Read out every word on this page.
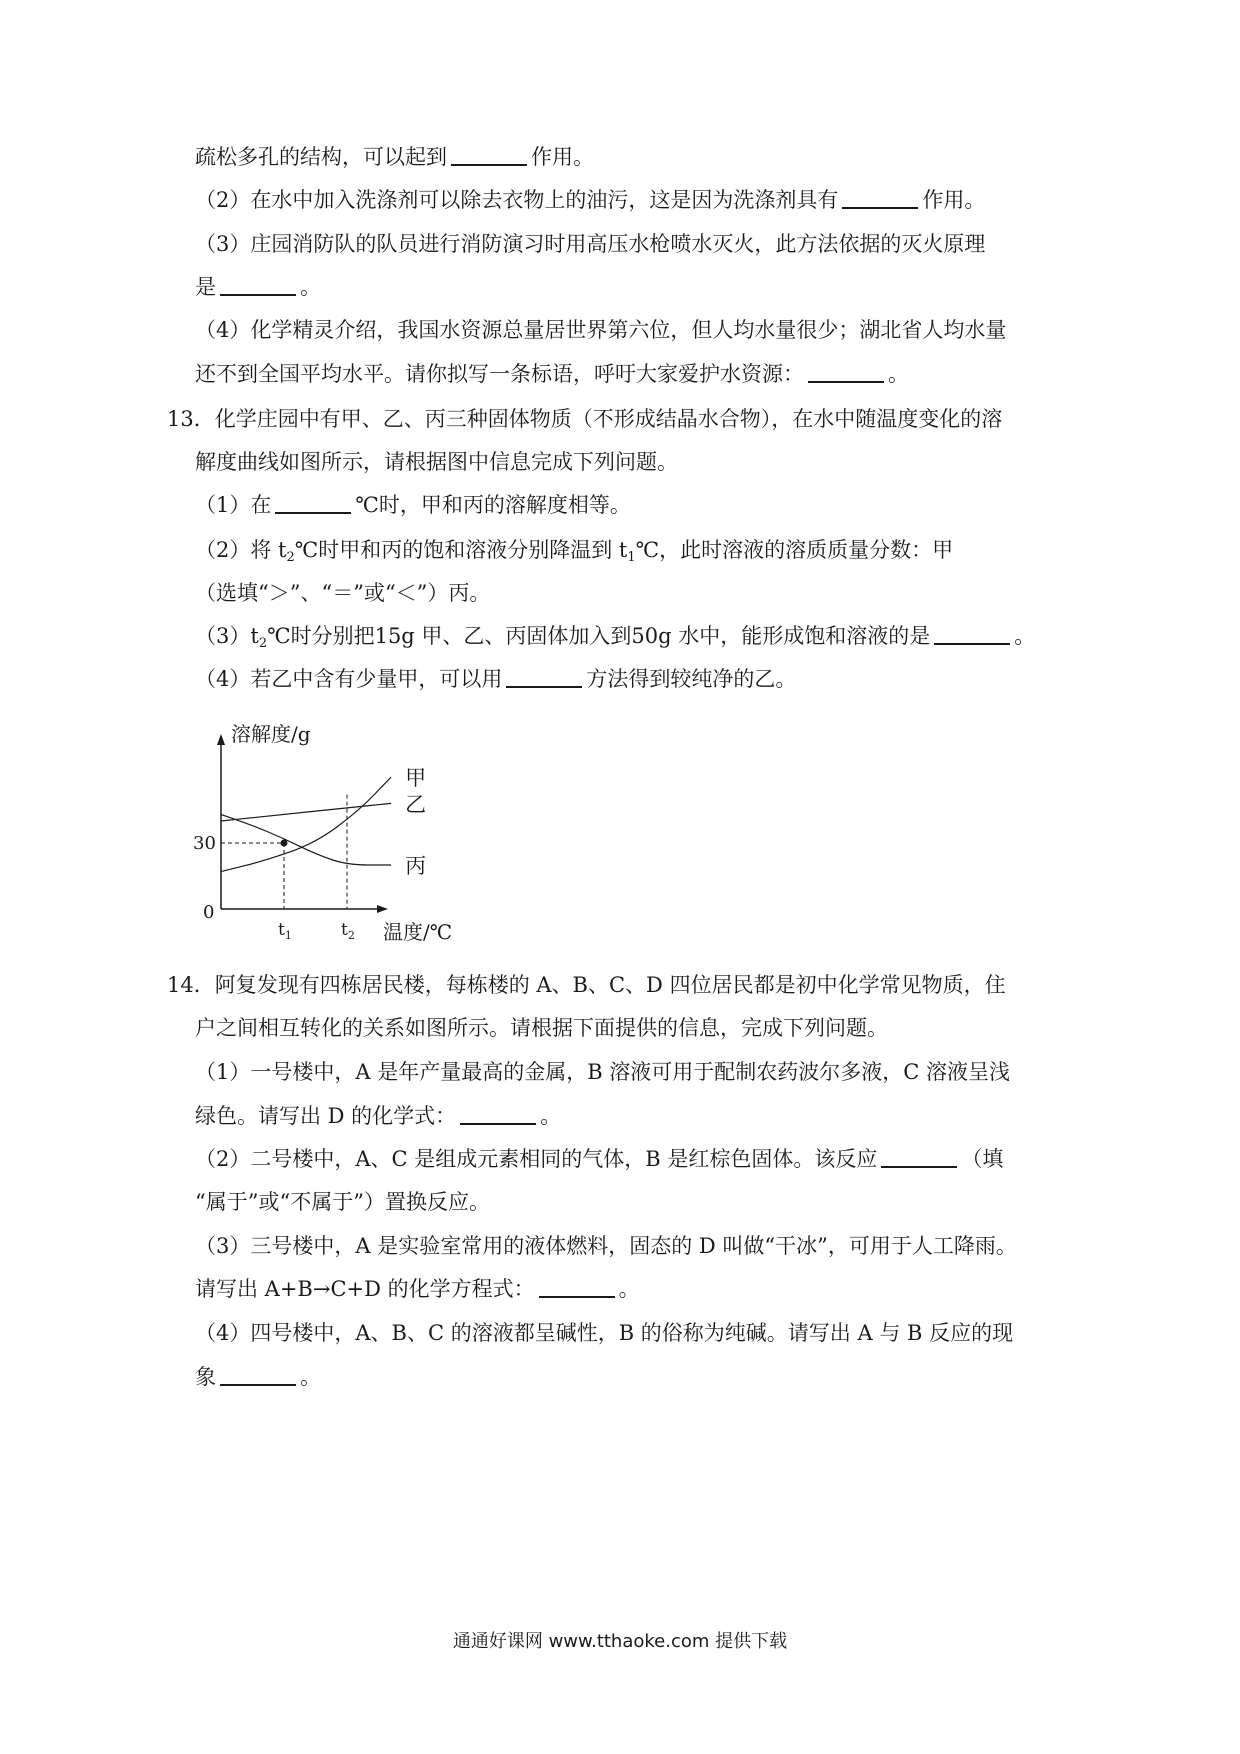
疏松多孔的结构，可以起到	作用。
（2）在水中加入洗涤剂可以除去衣物上的油污，这是因为洗涤剂具有	作用。
（3）庄园消防队的队员进行消防演习时用高压水枪喷水灭火，此方法依据的灭火原理
是	。
（4）化学精灵介绍，我国水资源总量居世界第六位，但人均水量很少；湖北省人均水量
还不到全国平均水平。请你拟写一条标语，呼吁大家爱护水资源：	。
13．化学庄园中有甲、乙、丙三种固体物质（不形成结晶水合物），在水中随温度变化的溶
解度曲线如图所示，请根据图中信息完成下列问题。
（1）在	℃时，甲和丙的溶解度相等。
（2）将 $t_2℃$时甲和丙的饱和溶液分别降温到 $t_1℃$，此时溶液的溶质质量分数：甲
（选填“＞”、“＝”或“＜”）丙。
$(3)t_2℃$时分别把15g 甲、乙、丙固体加入到50g 水中，能形成饱和溶液的是	。
（4）若乙中含有少量甲，可以用	方法得到较纯净的乙。
甲
乙
丙
溶解度/g
温度/℃
0
30
$t_1$	$t_2$
14．阿复发现有四栋居民楼，每栋楼的 A、B、C、D 四位居民都是初中化学常见物质，住
户之间相互转化的关系如图所示。请根据下面提供的信息，完成下列问题。
（1）一号楼中，A 是年产量最高的金属，B 溶液可用于配制农药波尔多液，C 溶液呈浅
绿色。请写出 D 的化学式：	。
（2）二号楼中，A、C 是组成元素相同的气体，B 是红棕色固体。该反应	（填
“属于”或“不属于”）置换反应。
（3）三号楼中，A 是实验室常用的液体燃料，固态的 D 叫做“干冰”，可用于人工降雨。
请写出 A+B→C+D 的化学方程式：	。
（4）四号楼中，A、B、C 的溶液都呈碱性，B 的俗称为纯碱。请写出 A 与 B 反应的现
象	。
通通好课网 www.tthaoke.com 提供下载
